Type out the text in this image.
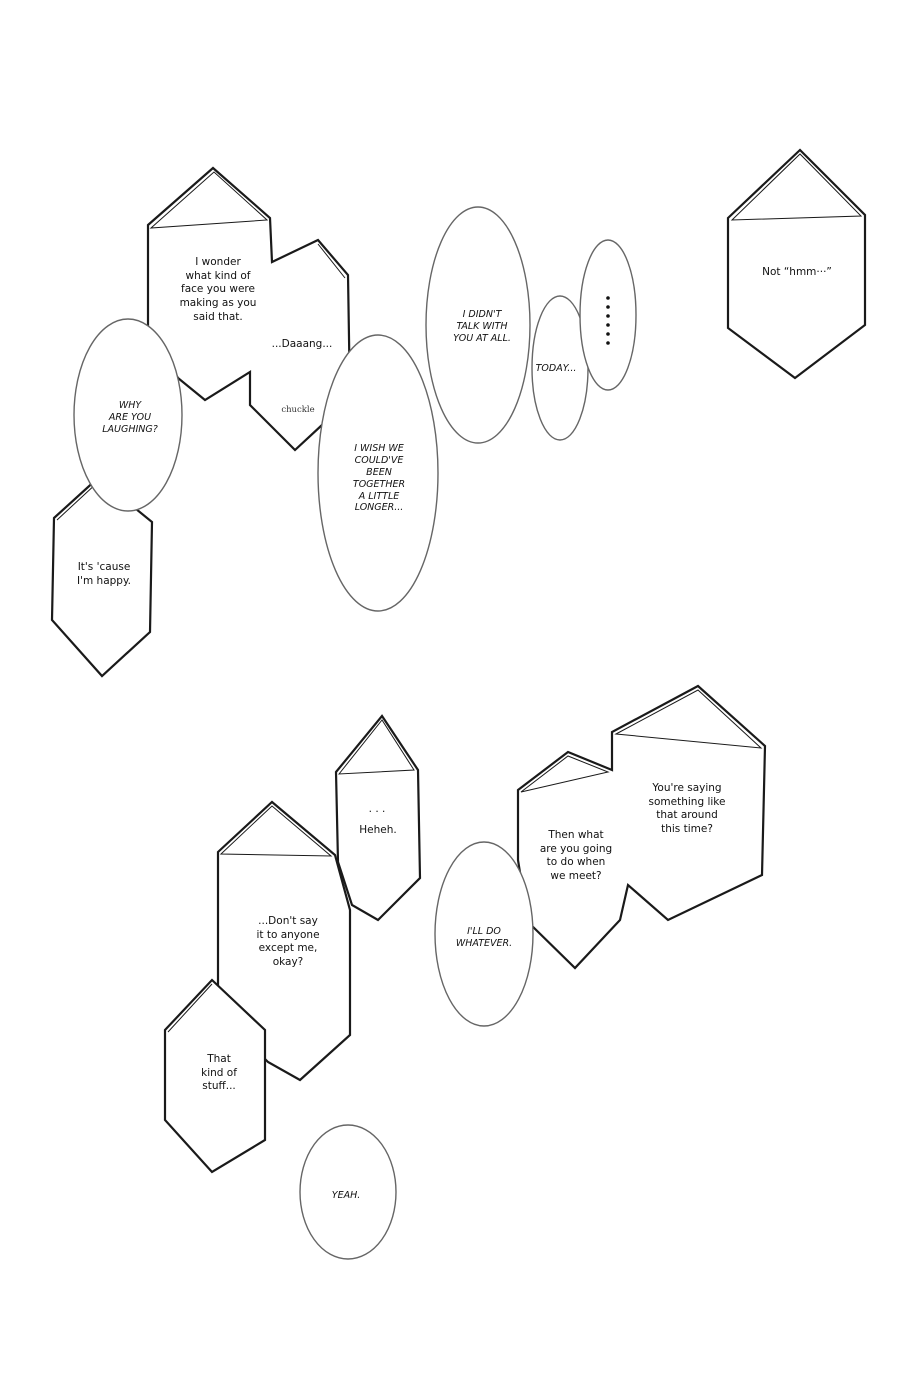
I wonder
what kind of
face you were
making as you
said that.
...Daaang...
chuckle
WHY
ARE YOU
LAUGHING?
It's 'cause
I'm happy.
I WISH WE
COULD'VE
BEEN
TOGETHER
A LITTLE
LONGER...
I DIDN'T
TALK WITH
YOU AT ALL.
TODAY...
Not “hmm···”
· · ·
Heheh.
...Don't say
it to anyone
except me,
okay?
That
kind of
stuff...
YEAH.
I'LL DO
WHATEVER.
Then what
are you going
to do when
we meet?
You're saying
something like
that around
this time?
